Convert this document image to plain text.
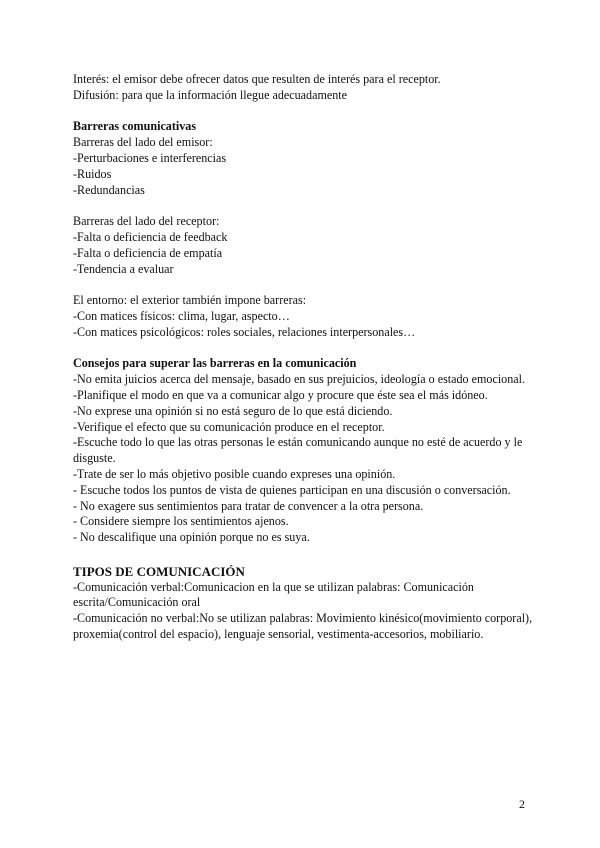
Interés: el emisor debe ofrecer datos que resulten de interés para el receptor.
Difusión: para que la información llegue adecuadamente
Barreras comunicativas
Barreras del lado del emisor:
-Perturbaciones e interferencias
-Ruidos
-Redundancias
Barreras del lado del receptor:
-Falta o deficiencia de feedback
-Falta o deficiencia de empatía
-Tendencia a evaluar
El entorno: el exterior también impone barreras:
-Con matices físicos: clima, lugar, aspecto…
-Con matices psicológicos: roles sociales, relaciones interpersonales…
Consejos para superar las barreras en la comunicación
-No emita juicios acerca del mensaje, basado en sus prejuicios, ideología o estado emocional.
-Planifique el modo en que va a comunicar algo y procure que éste sea el más idóneo.
-No exprese una opinión si no está seguro de lo que está diciendo.
-Verifique el efecto que su comunicación produce en el receptor.
-Escuche todo lo que las otras personas le están comunicando aunque no esté de acuerdo y le disguste.
-Trate de ser lo más objetivo posible cuando expreses una opinión.
- Escuche todos los puntos de vista de quienes participan en una discusión o conversación.
- No exagere sus sentimientos para tratar de convencer a la otra persona.
- Considere siempre los sentimientos ajenos.
- No descalifique una opinión porque no es suya.
TIPOS DE COMUNICACIÓN
-Comunicación verbal:Comunicacion en la que se utilizan palabras: Comunicación escrita/Comunicación oral
-Comunicación no verbal:No se utilizan palabras: Movimiento kinésico(movimiento corporal), proxemia(control del espacio), lenguaje sensorial, vestimenta-accesorios, mobiliario.
2
